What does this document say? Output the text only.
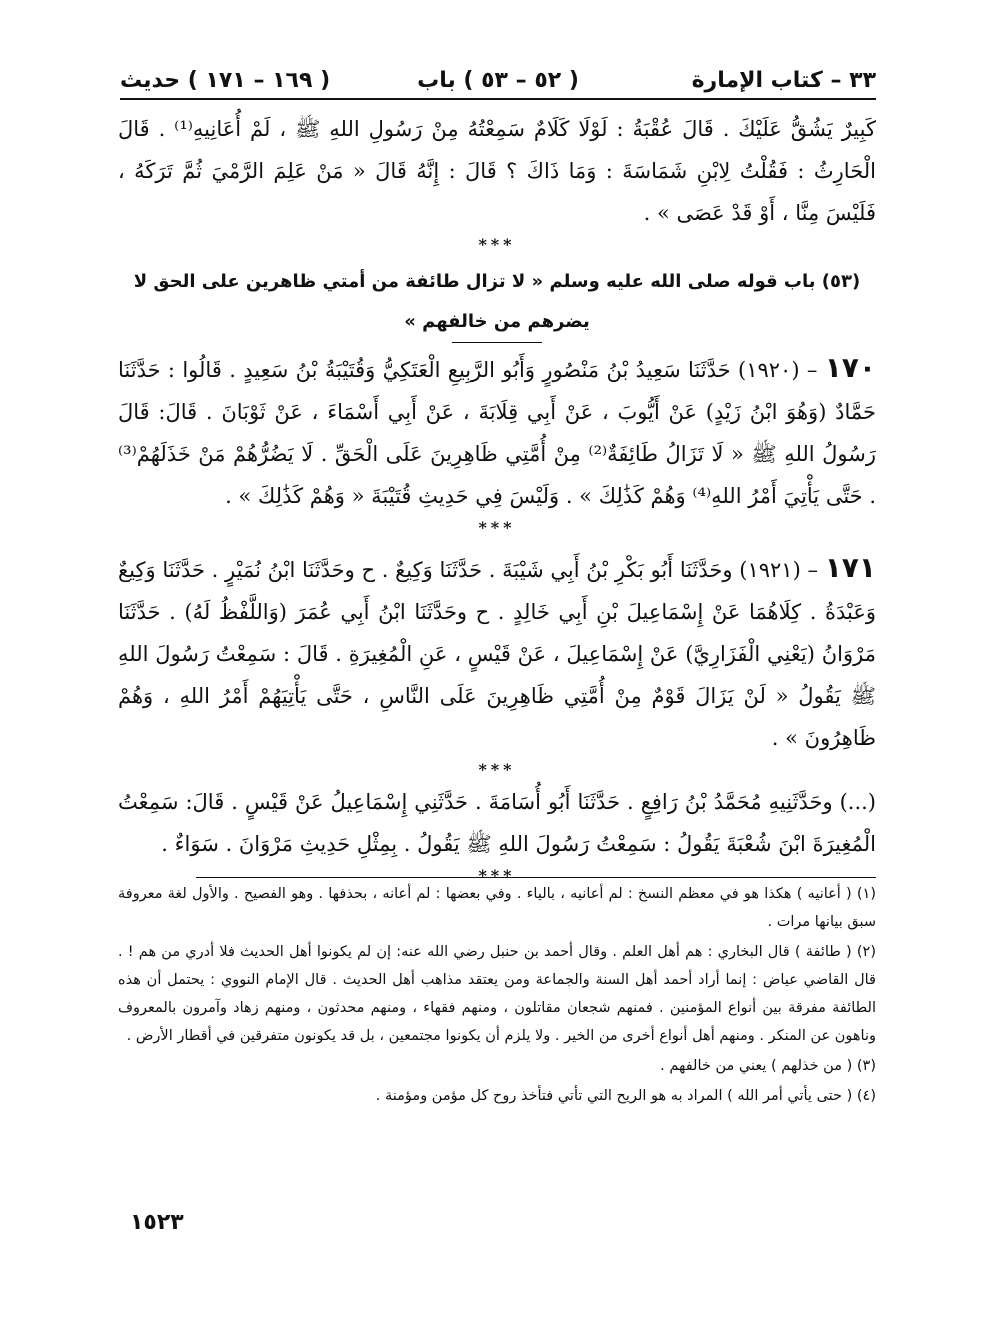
٣٣ – كتاب الإمارة
( ٥٢ – ٥٣ ) باب
( ١٦٩ – ١٧١ ) حديث

كَبِيرٌ يَشُقُّ عَلَيْكَ . قَالَ عُقْبَةُ : لَوْلَا كَلَامٌ سَمِعْتُهُ مِنْ رَسُولِ اللهِ ﷺ ، لَمْ أُعَانِيهِ⁽¹⁾ . قَالَ الْحَارِثُ : فَقُلْتُ لِابْنِ شَمَاسَةَ : وَمَا ذَاكَ ؟ قَالَ : إِنَّهُ قَالَ « مَنْ عَلِمَ الرَّمْيَ ثُمَّ تَرَكَهُ ، فَلَيْسَ مِنَّا ، أَوْ قَدْ عَصَى » .

***

(٥٣) باب قوله صلى الله عليه وسلم « لا تزال طائفة من أمتي ظاهرين على الحق لا يضرهم من خالفهم »

١٧٠ – (١٩٢٠) حَدَّثَنَا سَعِيدُ بْنُ مَنْصُورٍ وَأَبُو الرَّبِيعِ الْعَتَكِيُّ وَقُتَيْبَةُ بْنُ سَعِيدٍ . قَالُوا : حَدَّثَنَا حَمَّادٌ (وَهُوَ ابْنُ زَيْدٍ) عَنْ أَيُّوبَ ، عَنْ أَبِي قِلَابَةَ ، عَنْ أَبِي أَسْمَاءَ ، عَنْ ثَوْبَانَ . قَالَ: قَالَ رَسُولُ اللهِ ﷺ « لَا تَزَالُ طَائِفَةٌ⁽²⁾ مِنْ أُمَّتِي ظَاهِرِينَ عَلَى الْحَقِّ . لَا يَضُرُّهُمْ مَنْ خَذَلَهُمْ⁽³⁾ . حَتَّى يَأْتِيَ أَمْرُ اللهِ⁽⁴⁾ وَهُمْ كَذَٰلِكَ » . وَلَيْسَ فِي حَدِيثِ قُتَيْبَةَ « وَهُمْ كَذَٰلِكَ » .

***

١٧١ – (١٩٢١) وحَدَّثَنَا أَبُو بَكْرِ بْنُ أَبِي شَيْبَةَ . حَدَّثَنَا وَكِيعٌ . ح وحَدَّثَنَا ابْنُ نُمَيْرٍ . حَدَّثَنَا وَكِيعٌ وَعَبْدَةُ . كِلَاهُمَا عَنْ إِسْمَاعِيلَ بْنِ أَبِي خَالِدٍ . ح وحَدَّثَنَا ابْنُ أَبِي عُمَرَ (وَاللَّفْظُ لَهُ) . حَدَّثَنَا مَرْوَانُ (يَعْنِي الْفَزَارِيَّ) عَنْ إِسْمَاعِيلَ ، عَنْ قَيْسٍ ، عَنِ الْمُغِيرَةِ . قَالَ : سَمِعْتُ رَسُولَ اللهِ ﷺ يَقُولُ « لَنْ يَزَالَ قَوْمٌ مِنْ أُمَّتِي ظَاهِرِينَ عَلَى النَّاسِ ، حَتَّى يَأْتِيَهُمْ أَمْرُ اللهِ ، وَهُمْ ظَاهِرُونَ » .

***

(...) وحَدَّثَنِيهِ مُحَمَّدُ بْنُ رَافِعٍ . حَدَّثَنَا أَبُو أُسَامَةَ . حَدَّثَنِي إِسْمَاعِيلُ عَنْ قَيْسٍ . قَالَ: سَمِعْتُ الْمُغِيرَةَ ابْنَ شُعْبَةَ يَقُولُ : سَمِعْتُ رَسُولَ اللهِ ﷺ يَقُولُ . بِمِثْلِ حَدِيثِ مَرْوَانَ . سَوَاءٌ .

***

(١) ( أعانيه ) هكذا هو في معظم النسخ : لم أعانيه ، بالياء . وفي بعضها : لم أعانه ، بحذفها . وهو الفصيح . والأول لغة معروفة سبق بيانها مرات .

(٢) ( طائفة ) قال البخاري : هم أهل العلم . وقال أحمد بن حنبل رضي الله عنه: إن لم يكونوا أهل الحديث فلا أدري من هم ! . قال القاضي عياض : إنما أراد أحمد أهل السنة والجماعة ومن يعتقد مذاهب أهل الحديث . قال الإمام النووي : يحتمل أن هذه الطائفة مفرقة بين أنواع المؤمنين . فمنهم شجعان مقاتلون ، ومنهم فقهاء ، ومنهم محدثون ، ومنهم زهاد وآمرون بالمعروف وناهون عن المنكر . ومنهم أهل أنواع أخرى من الخير . ولا يلزم أن يكونوا مجتمعين ، بل قد يكونون متفرقين في أقطار الأرض .

(٣) ( من خذلهم ) يعني من خالفهم .

(٤) ( حتى يأتي أمر الله ) المراد به هو الريح التي تأتي فتأخذ روح كل مؤمن ومؤمنة .

١٥٢٣
